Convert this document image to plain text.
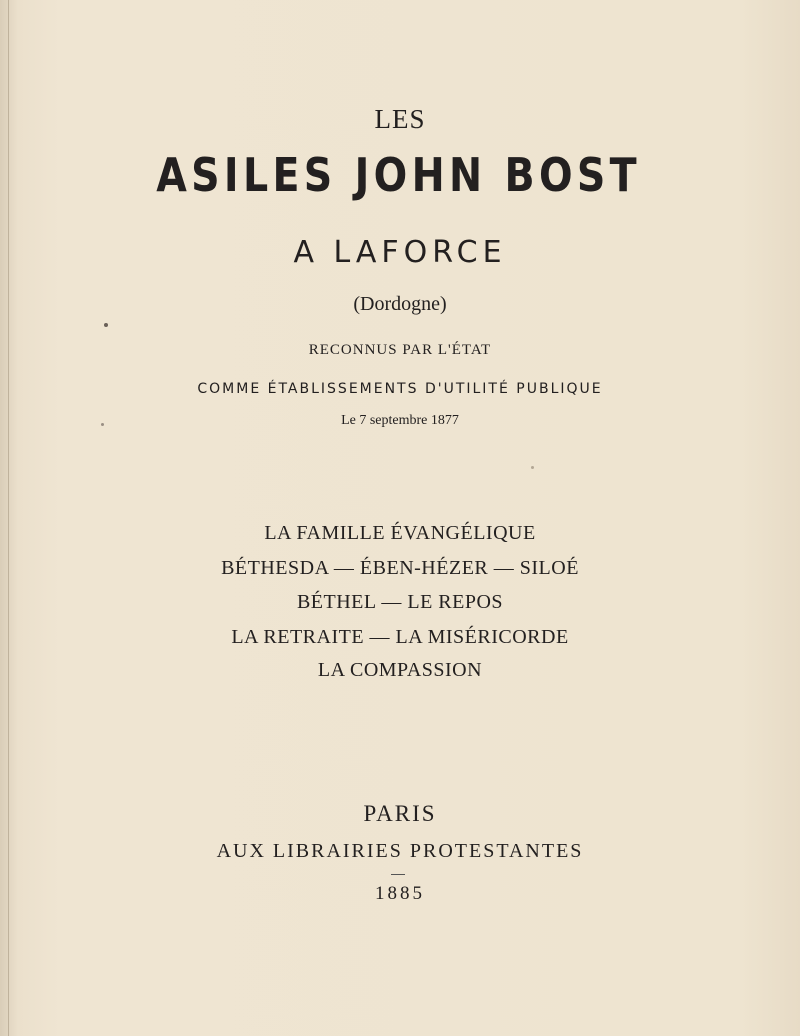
LES
ASILES JOHN BOST
A LAFORCE
(Dordogne)
RECONNUS PAR L'ÉTAT
COMME ÉTABLISSEMENTS D'UTILITÉ PUBLIQUE
Le 7 septembre 1877
LA FAMILLE ÉVANGÉLIQUE
BÉTHESDA — ÉBEN-HÉZER — SILOÉ
BÉTHEL — LE REPOS
LA RETRAITE — LA MISÉRICORDE
LA COMPASSION
PARIS
AUX LIBRAIRIES PROTESTANTES
1885
